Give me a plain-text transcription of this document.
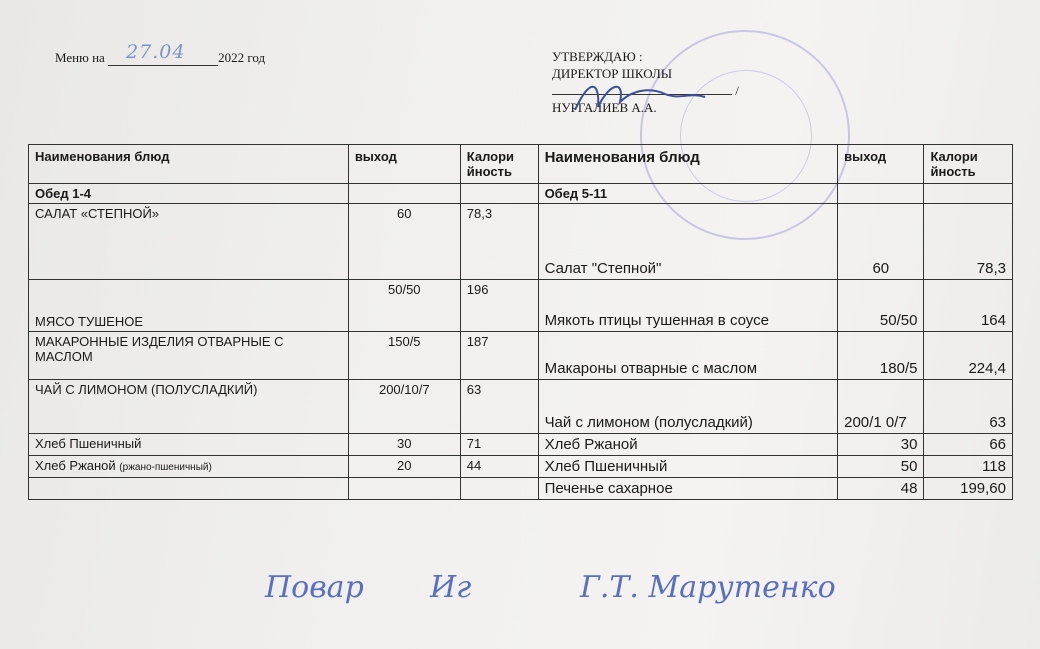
Меню на 27.04	2022 год	УТВЕРЖДАЮ :
ДИРЕКТОР ШКОЛЫ
/
НУРГАЛИЕВ А.А.
Наименования блюд	выход	Калори йность	Наименования блюд	выход	Калори йность
Обед 1-4			Обед 5-11		
САЛАТ «СТЕПНОЙ»	60	78,3	Салат "Степной"	60	78,3
МЯСО ТУШЕНОЕ	50/50	196	Мякоть птицы тушенная в соусе	50/50	164
МАКАРОННЫЕ ИЗДЕЛИЯ ОТВАРНЫЕ С МАСЛОМ	150/5	187	Макароны отварные с маслом	180/5	224,4
ЧАЙ С ЛИМОНОМ (ПОЛУСЛАДКИЙ)	200/10/7	63	Чай с лимоном (полусладкий)	200/1 0/7	63
Хлеб Пшеничный	30	71	Хлеб Ржаной	30	66
Хлеб Ржаной (ржано-пшеничный)	20	44	Хлеб Пшеничный	50	118
			Печенье сахарное	48	199,60
Повар Иг	Г.Т. Марутенко
